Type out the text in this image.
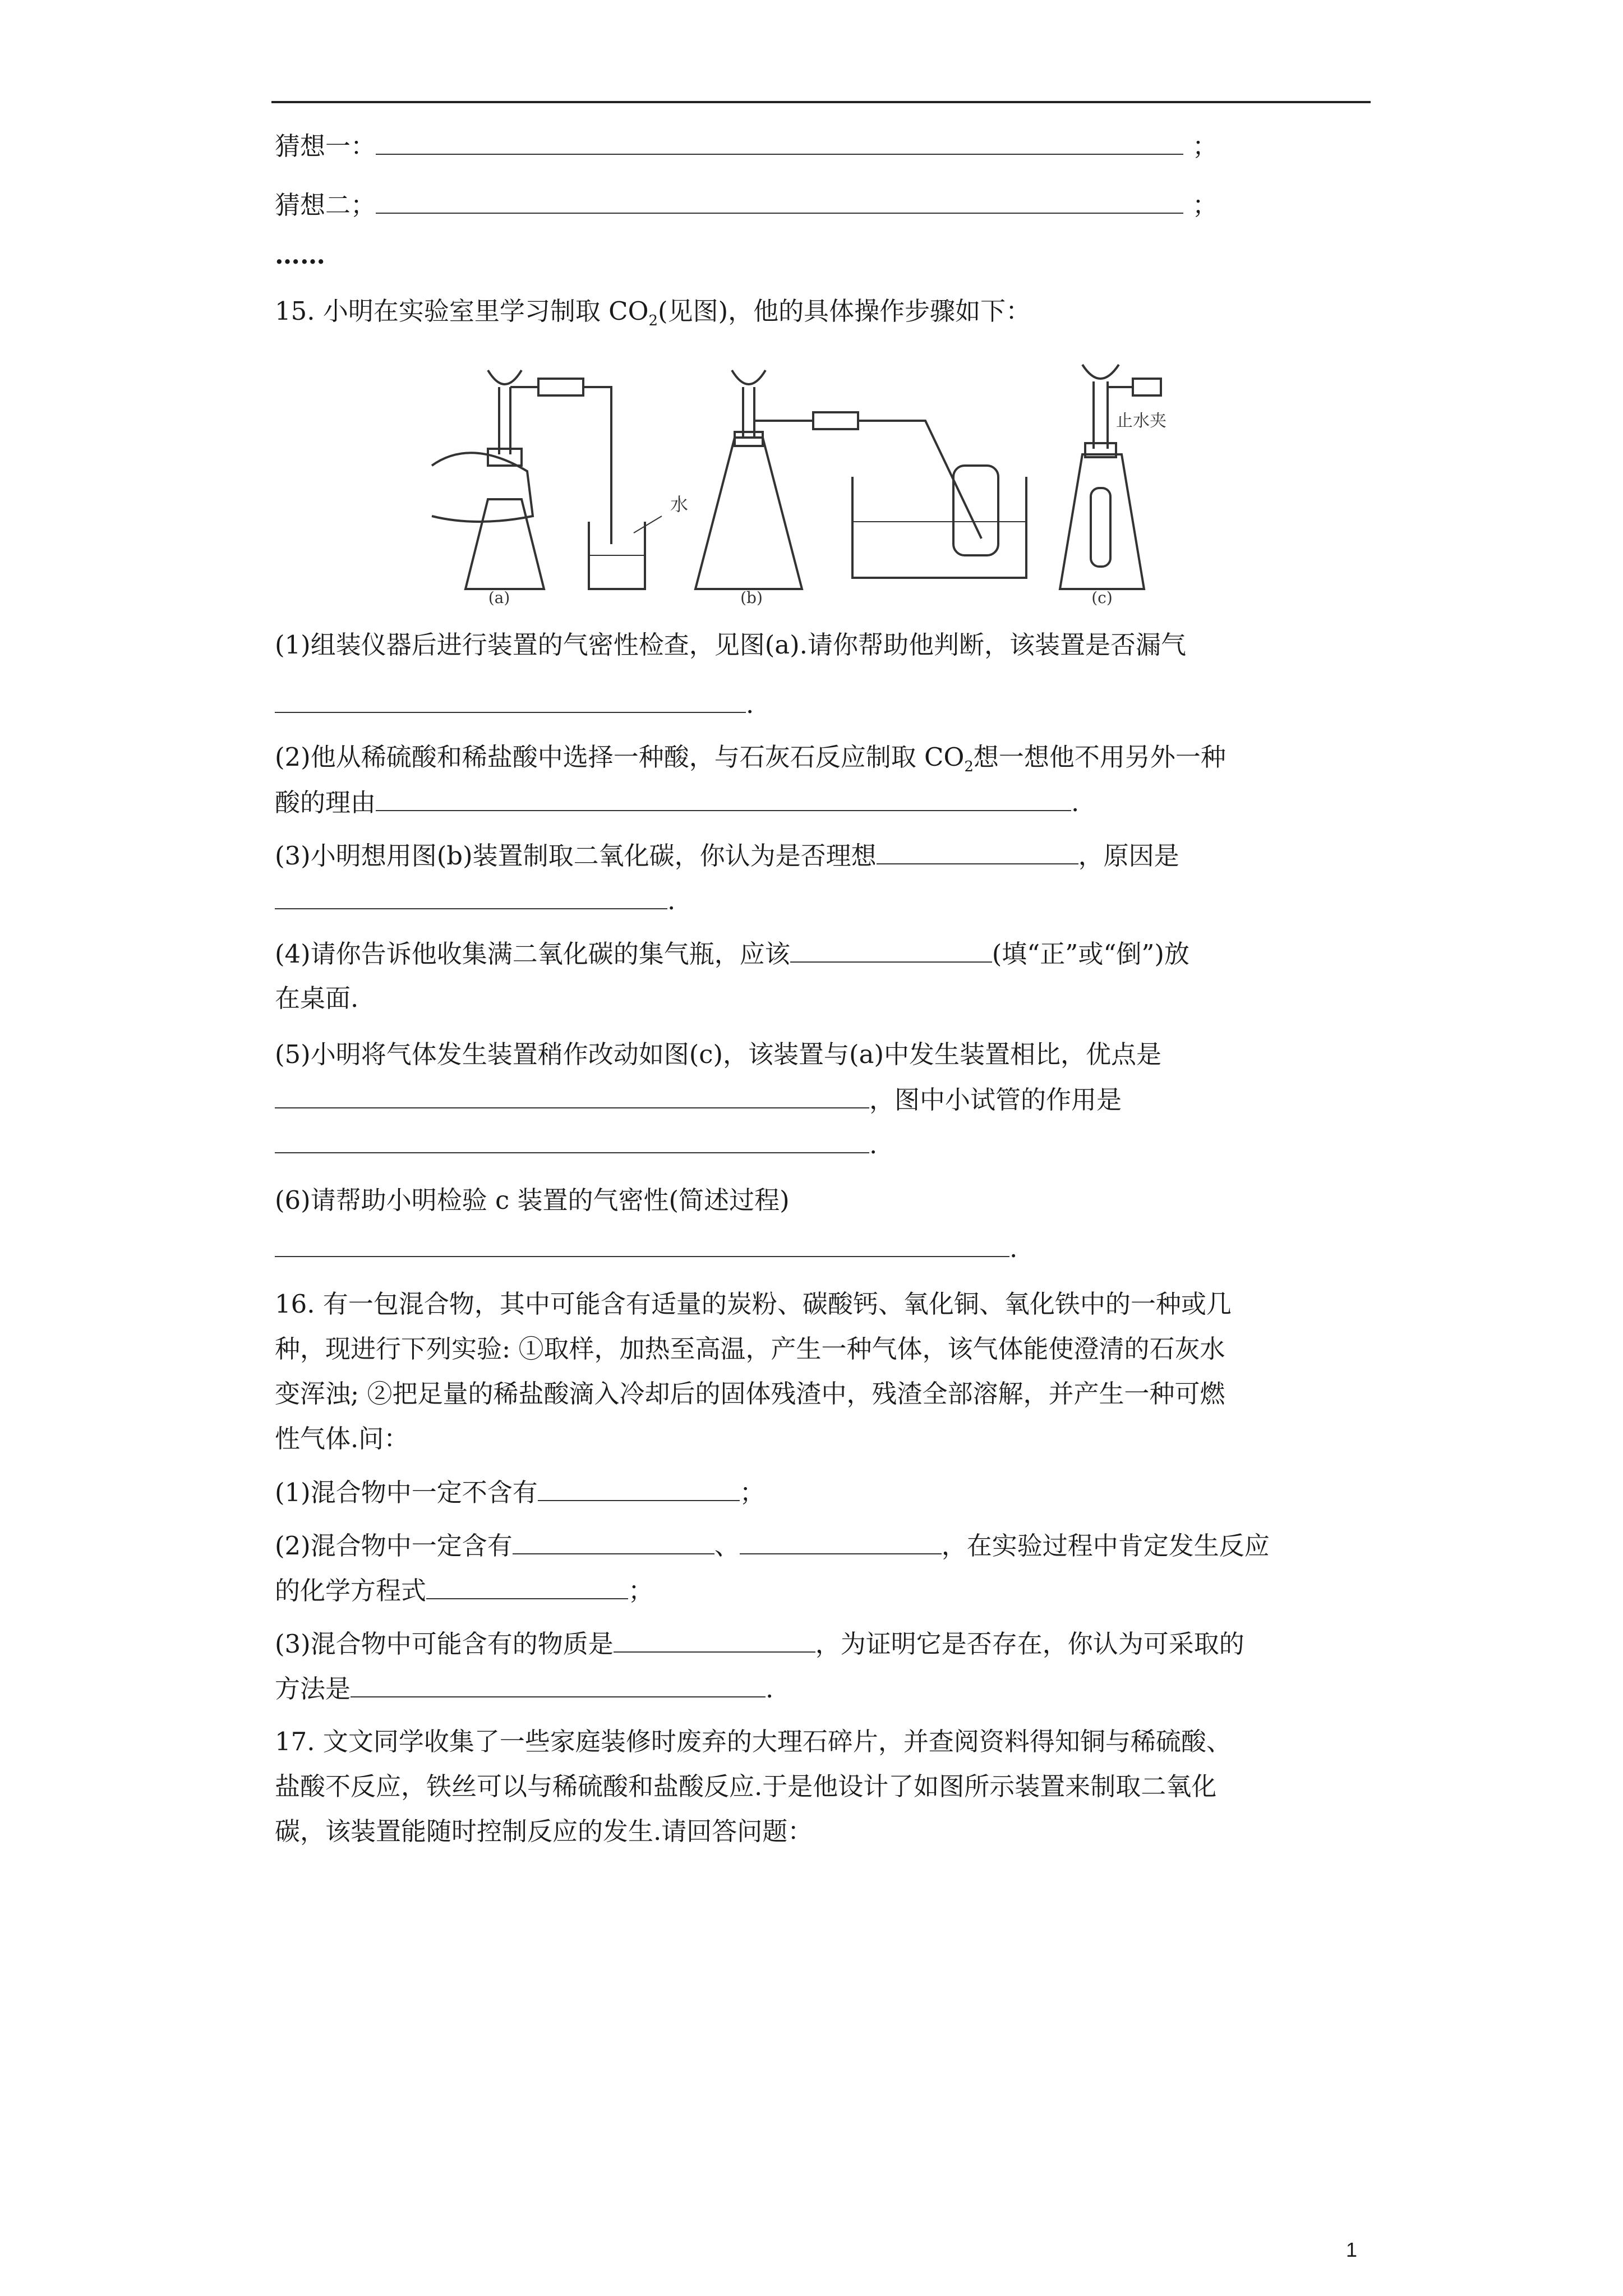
猜想一：	；
猜想二；	；
……
15. 小明在实验室里学习制取 $CO_2$(见图)，他的具体操作步骤如下：
水
止水夹
(a)	(b)	(c)
(1)组装仪器后进行装置的气密性检查，见图(a).请你帮助他判断，该装置是否漏气
.
(2)他从稀硫酸和稀盐酸中选择一种酸，与石灰石反应制取 $CO_2$想一想他不用另外一种
酸的理由	.
(3)小明想用图(b)装置制取二氧化碳，你认为是否理想	，原因是
.
(4)请你告诉他收集满二氧化碳的集气瓶，应该	(填“正”或“倒”)放
在桌面.
(5)小明将气体发生装置稍作改动如图(c)，该装置与(a)中发生装置相比，优点是
，图中小试管的作用是
.
(6)请帮助小明检验 c 装置的气密性(简述过程)
.
16. 有一包混合物，其中可能含有适量的炭粉、碳酸钙、氧化铜、氧化铁中的一种或几
种，现进行下列实验: ①取样，加热至高温，产生一种气体，该气体能使澄清的石灰水
变浑浊; ②把足量的稀盐酸滴入冷却后的固体残渣中，残渣全部溶解，并产生一种可燃
性气体.问：
(1)混合物中一定不含有	；
(2)混合物中一定含有	、	，在实验过程中肯定发生反应
的化学方程式	；
(3)混合物中可能含有的物质是	，为证明它是否存在，你认为可采取的
方法是	.
17. 文文同学收集了一些家庭装修时废弃的大理石碎片，并查阅资料得知铜与稀硫酸、
盐酸不反应，铁丝可以与稀硫酸和盐酸反应.于是他设计了如图所示装置来制取二氧化
碳，该装置能随时控制反应的发生.请回答问题：
1
